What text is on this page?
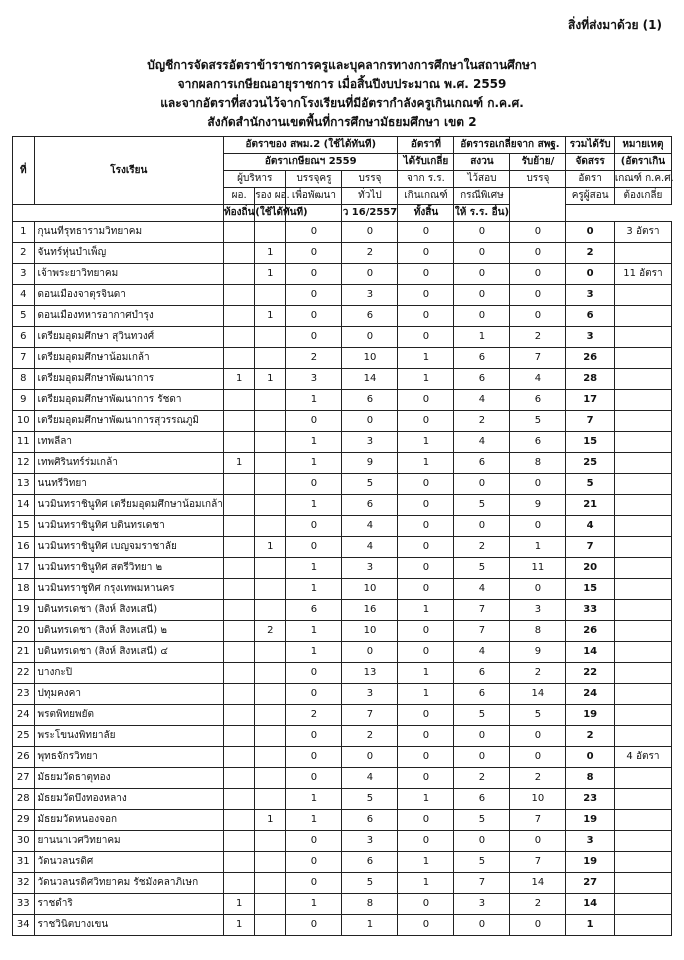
สิ่งที่ส่งมาด้วย (1)
บัญชีการจัดสรรอัตราข้าราชการครูและบุคลากรทางการศึกษาในสถานศึกษา
จากผลการเกษียณอายุราชการ เมื่อสิ้นปีงบประมาณ พ.ศ. 2559
และจากอัตราที่สงวนไว้จากโรงเรียนที่มีอัตรากำลังครูเกินเกณฑ์ ก.ค.ศ.
สังกัดสำนักงานเขตพื้นที่การศึกษามัธยมศึกษา เขต 2
ที่	โรงเรียน	อัตราของ สพม.2 (ใช้ได้ทันที)				อัตราที่	อัตรารอเกลี่ยจาก สพฐ.		รวมได้รับ	หมายเหตุ
		อัตราเกษียณฯ 2559				ได้รับเกลี่ย	สงวน	รับย้าย/	จัดสรร	(อัตราเกิน
		ผู้บริหาร		บรรจุครู	บรรจุ	จาก ร.ร.	ไว้สอบ	บรรจุ	อัตรา	เกณฑ์ ก.ค.ศ.
		ผอ.	รอง ผอ.	เพื่อพัฒนา	ทั่วไป	เกินเกณฑ์	กรณีพิเศษ		ครูผู้สอน	ต้องเกลี่ย
		ท้องถิ่น	(ใช้ได้ทันที)		ว 16/2557	ทั้งสิ้น	ให้ ร.ร. อื่น)			
1	กุนนทีรุทธารามวิทยาคม			0	0	0	0	0	0	3 อัตรา
2	จันทร์หุ่นบำเพ็ญ		1	0	2	0	0	0	2	
3	เจ้าพระยาวิทยาคม		1	0	0	0	0	0	0	11 อัตรา
4	ดอนเมืองจาตุรจินดา			0	3	0	0	0	3	
5	ดอนเมืองทหารอากาศบำรุง		1	0	6	0	0	0	6	
6	เตรียมอุดมศึกษา สุวินทวงศ์			0	0	0	1	2	3	
7	เตรียมอุดมศึกษาน้อมเกล้า			2	10	1	6	7	26	
8	เตรียมอุดมศึกษาพัฒนาการ	1	1	3	14	1	6	4	28	
9	เตรียมอุดมศึกษาพัฒนาการ รัชดา			1	6	0	4	6	17	
10	เตรียมอุดมศึกษาพัฒนาการสุวรรณภูมิ			0	0	0	2	5	7	
11	เทพลีลา			1	3	1	4	6	15	
12	เทพศิรินทร์ร่มเกล้า	1		1	9	1	6	8	25	
13	นนทรีวิทยา			0	5	0	0	0	5	
14	นวมินทราชินูทิศ เตรียมอุดมศึกษาน้อมเกล้า			1	6	0	5	9	21	
15	นวมินทราชินูทิศ บดินทรเดชา			0	4	0	0	0	4	
16	นวมินทราชินูทิศ เบญจมราชาลัย		1	0	4	0	2	1	7	
17	นวมินทราชินูทิศ สตรีวิทยา ๒			1	3	0	5	11	20	
18	นวมินทราชูทิศ กรุงเทพมหานคร			1	10	0	4	0	15	
19	บดินทรเดชา (สิงห์ สิงหเสนี)			6	16	1	7	3	33	
20	บดินทรเดชา (สิงห์ สิงหเสนี) ๒		2	1	10	0	7	8	26	
21	บดินทรเดชา (สิงห์ สิงหเสนี) ๔			1	0	0	4	9	14	
22	บางกะปิ			0	13	1	6	2	22	
23	ปทุมคงคา			0	3	1	6	14	24	
24	พรตพิทยพยัต			2	7	0	5	5	19	
25	พระโขนงพิทยาลัย			0	2	0	0	0	2	
26	พุทธจักรวิทยา			0	0	0	0	0	0	4 อัตรา
27	มัธยมวัดธาตุทอง			0	4	0	2	2	8	
28	มัธยมวัดบึงทองหลาง			1	5	1	6	10	23	
29	มัธยมวัดหนองจอก		1	1	6	0	5	7	19	
30	ยานนาเวศวิทยาคม			0	3	0	0	0	3	
31	วัดนวลนรดิศ			0	6	1	5	7	19	
32	วัดนวลนรดิศวิทยาคม รัชมังคลาภิเษก			0	5	1	7	14	27	
33	ราชดำริ	1		1	8	0	3	2	14	
34	ราชวินิตบางเขน	1		0	1	0	0	0	1	
